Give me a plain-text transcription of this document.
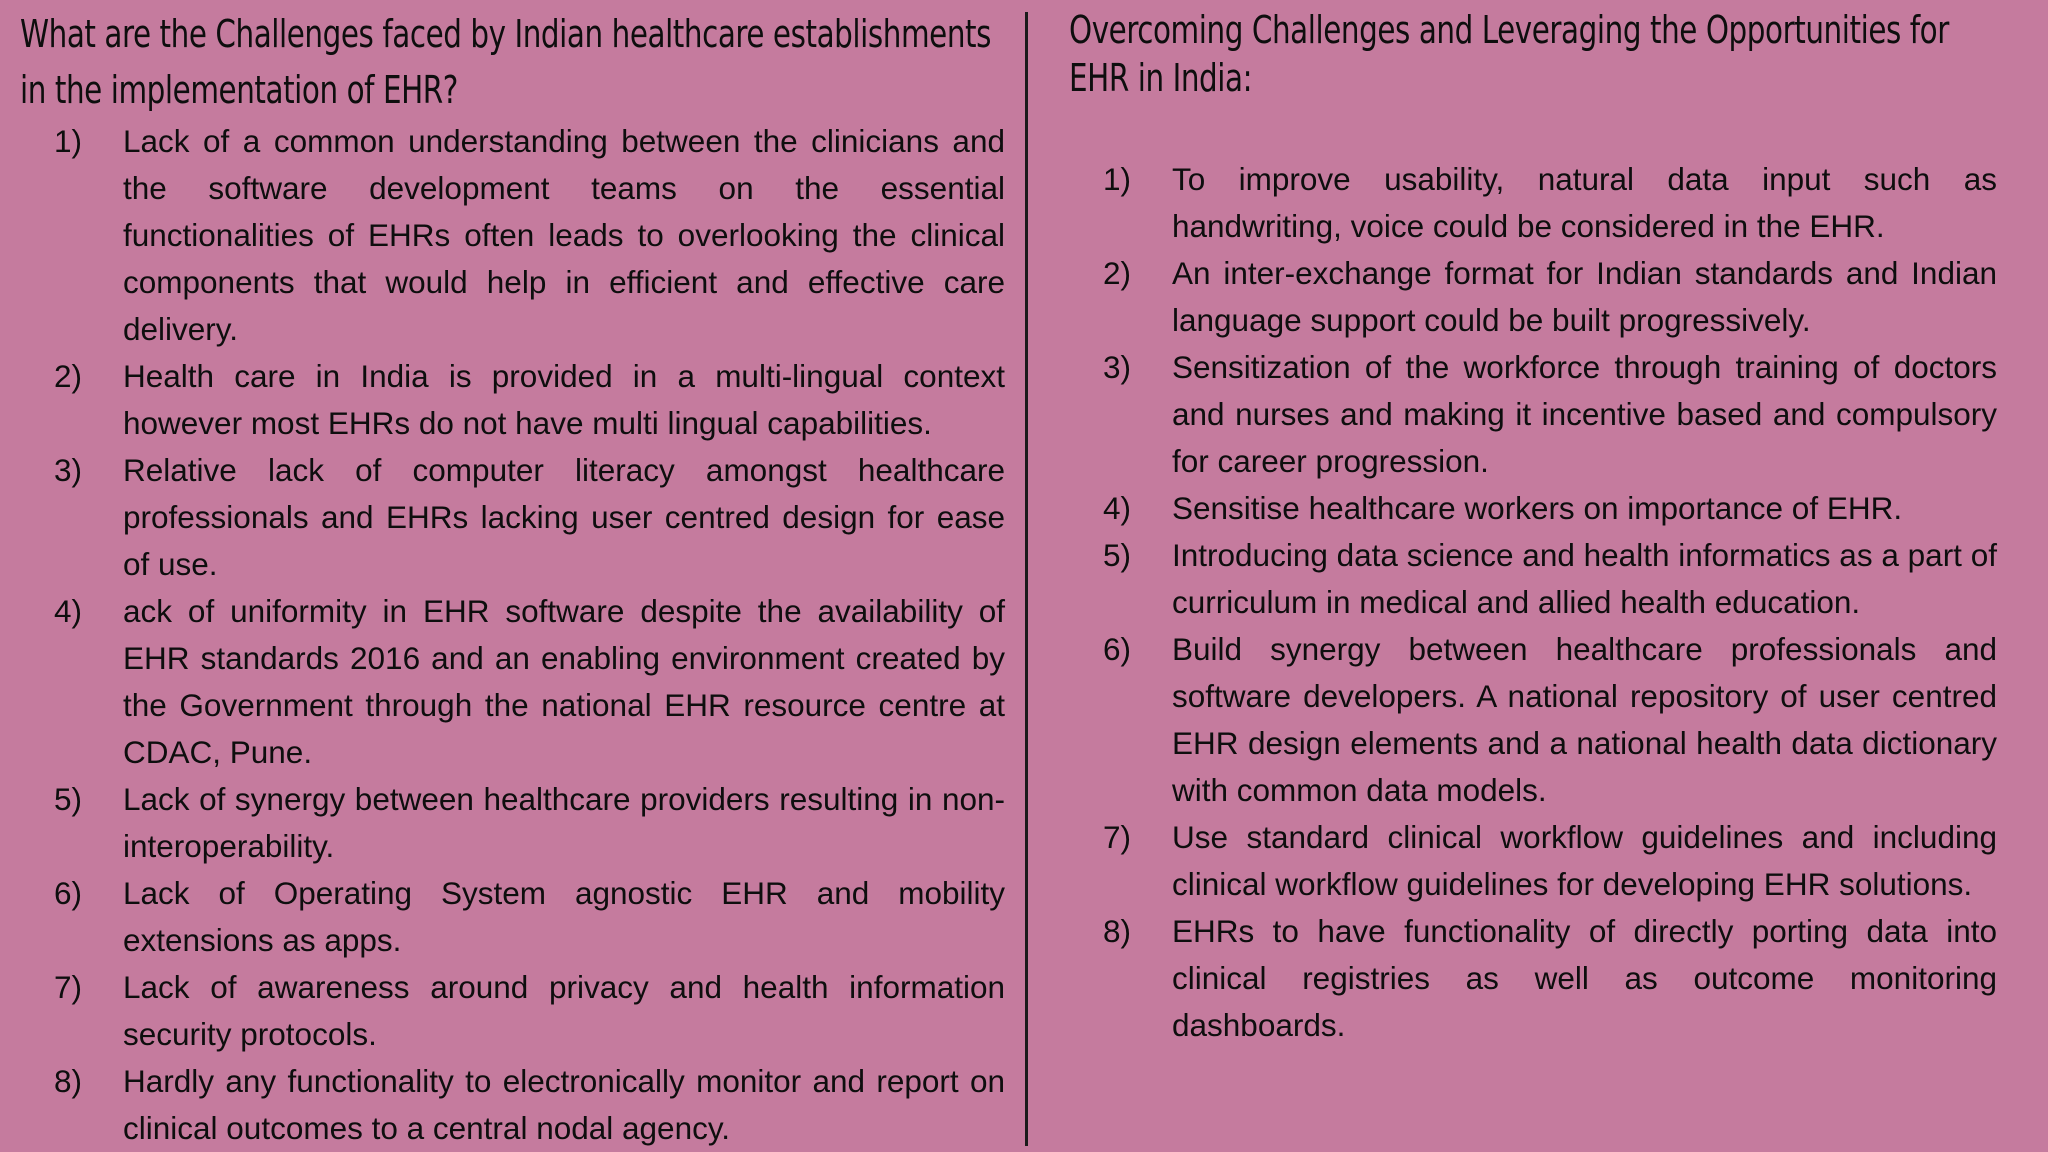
What are the Challenges faced by Indian healthcare establishments in the implementation of EHR?
1)	Lack of a common understanding between the clinicians and the software development teams on the essential functionalities of EHRs often leads to overlooking the clinical components that would help in efficient and effective care delivery.
2)	Health care in India is provided in a multi-lingual context however most EHRs do not have multi lingual capabilities.
3)	Relative lack of computer literacy amongst healthcare professionals and EHRs lacking user centred design for ease of use.
4)	ack of uniformity in EHR software despite the availability of EHR standards 2016 and an enabling environment created by the Government through the national EHR resource centre at CDAC, Pune.
5)	Lack of synergy between healthcare providers resulting in non-interoperability.
6)	Lack of Operating System agnostic EHR and mobility extensions as apps.
7)	Lack of awareness around privacy and health information security protocols.
8)	Hardly any functionality to electronically monitor and report on clinical outcomes to a central nodal agency.
Overcoming Challenges and Leveraging the Opportunities for EHR in India:
1)	To improve usability, natural data input such as handwriting, voice could be considered in the EHR.
2)	An inter-exchange format for Indian standards and Indian language support could be built progressively.
3)	Sensitization of the workforce through training of doctors and nurses and making it incentive based and compulsory for career progression.
4)	Sensitise healthcare workers on importance of EHR.
5)	Introducing data science and health informatics as a part of curriculum in medical and allied health education.
6)	Build synergy between healthcare professionals and software developers. A national repository of user centred EHR design elements and a national health data dictionary with common data models.
7)	Use standard clinical workflow guidelines and including clinical workflow guidelines for developing EHR solutions.
8)	EHRs to have functionality of directly porting data into clinical registries as well as outcome monitoring dashboards.
